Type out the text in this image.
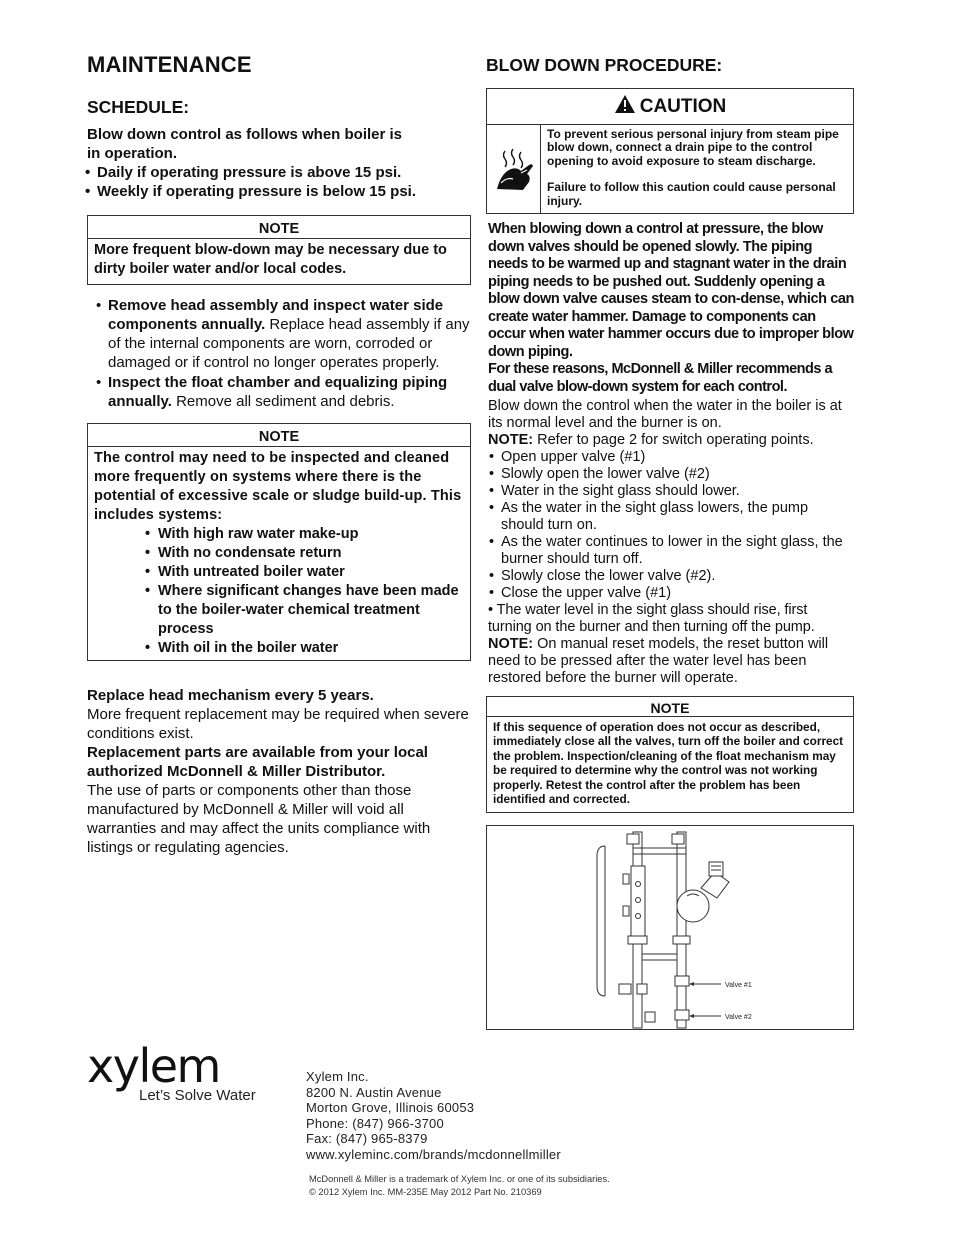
MAINTENANCE
SCHEDULE:
Blow down control as follows when boiler is
in operation.
• Daily if operating pressure is above 15 psi.
• Weekly if operating pressure is below 15 psi.
NOTE
More frequent blow-down may be necessary due to dirty boiler water and/or local codes.
• Remove head assembly and inspect water side components annually. Replace head assembly if any of the internal components are worn, corroded or damaged or if control no longer operates properly.
• Inspect the float chamber and equalizing piping annually. Remove all sediment and debris.
NOTE
The control may need to be inspected and cleaned more frequently on systems where there is the potential of excessive scale or sludge build-up. This includes systems:
• With high raw water make-up
• With no condensate return
• With untreated boiler water
• Where significant changes have been made to the boiler-water chemical treatment process
• With oil in the boiler water
Replace head mechanism every 5 years.
More frequent replacement may be required when severe conditions exist.
Replacement parts are available from your local authorized McDonnell & Miller Distributor.
The use of parts or components other than those manufactured by McDonnell & Miller will void all warranties and may affect the units compliance with listings or regulating agencies.
BLOW DOWN PROCEDURE:
CAUTION
To prevent serious personal injury from steam pipe blow down, connect a drain pipe to the control opening to avoid exposure to steam discharge.
Failure to follow this caution could cause personal injury.
When blowing down a control at pressure, the blow down valves should be opened slowly. The piping needs to be warmed up and stagnant water in the drain piping needs to be pushed out. Suddenly opening a blow down valve causes steam to con-dense, which can create water hammer. Damage to components can occur when water hammer occurs due to improper blow down piping.
For these reasons, McDonnell & Miller recommends a dual valve blow-down system for each control.
Blow down the control when the water in the boiler is at its normal level and the burner is on.
NOTE: Refer to page 2 for switch operating points.
• Open upper valve (#1)
• Slowly open the lower valve (#2)
• Water in the sight glass should lower.
• As the water in the sight glass lowers, the pump should turn on.
• As the water continues to lower in the sight glass, the burner should turn off.
• Slowly close the lower valve (#2).
• Close the upper valve (#1)
• The water level in the sight glass should rise, first turning on the burner and then turning off the pump.
NOTE: On manual reset models, the reset button will need to be pressed after the water level has been restored before the burner will operate.
NOTE
If this sequence of operation does not occur as described, immediately close all the valves, turn off the boiler and correct the problem. Inspection/cleaning of the float mechanism may be required to determine why the control was not working properly. Retest the control after the problem has been identified and corrected.
Valve #1
Valve #2
xylem
Let’s Solve Water
Xylem Inc.
8200 N. Austin Avenue
Morton Grove, Illinois 60053
Phone: (847) 966-3700
Fax: (847) 965-8379
www.xyleminc.com/brands/mcdonnellmiller
McDonnell & Miller is a trademark of Xylem Inc. or one of its subsidiaries.
© 2012 Xylem Inc. MM-235E May 2012 Part No. 210369
